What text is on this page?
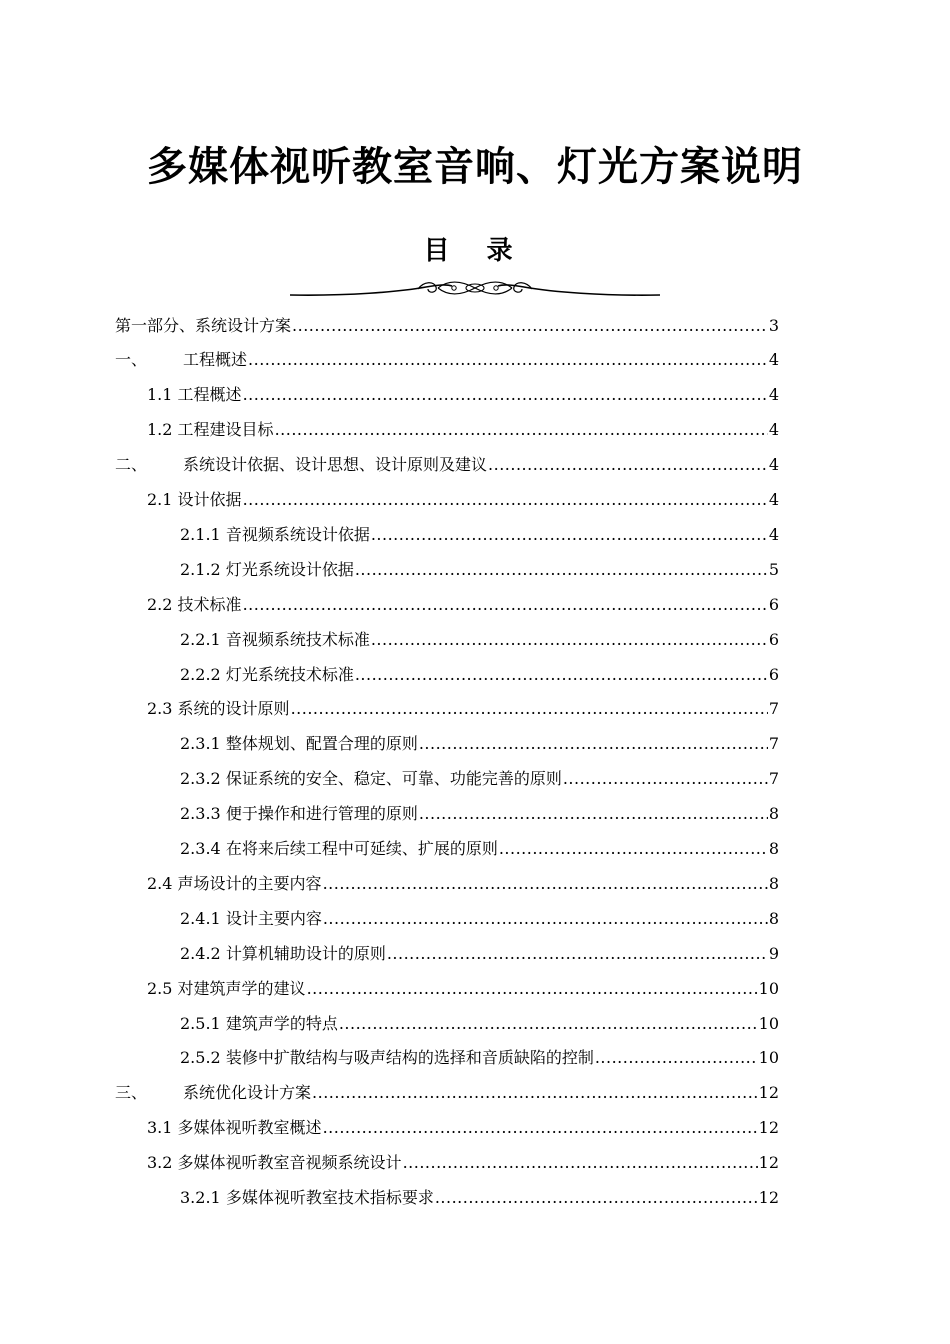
多媒体视听教室音响、灯光方案说明
目 录
第一部分、系统设计方案 .....	3
一、 工程概述 .....	4
1.1 工程概述 .....	4
1.2 工程建设目标 .....	4
二、 系统设计依据、设计思想、设计原则及建议 .....	4
2.1 设计依据 .....	4
2.1.1 音视频系统设计依据 .....	4
2.1.2 灯光系统设计依据 .....	5
2.2 技术标准 .....	6
2.2.1 音视频系统技术标准 .....	6
2.2.2 灯光系统技术标准 .....	6
2.3 系统的设计原则 .....	7
2.3.1 整体规划、配置合理的原则 .....	7
2.3.2 保证系统的安全、稳定、可靠、功能完善的原则 .....	7
2.3.3 便于操作和进行管理的原则 .....	8
2.3.4 在将来后续工程中可延续、扩展的原则 .....	8
2.4 声场设计的主要内容 .....	8
2.4.1 设计主要内容 .....	8
2.4.2 计算机辅助设计的原则 .....	9
2.5 对建筑声学的建议 .....	10
2.5.1 建筑声学的特点 .....	10
2.5.2 装修中扩散结构与吸声结构的选择和音质缺陷的控制 .....	10
三、 系统优化设计方案 .....	12
3.1 多媒体视听教室概述 .....	12
3.2 多媒体视听教室音视频系统设计 .....	12
3.2.1 多媒体视听教室技术指标要求 .....	12
